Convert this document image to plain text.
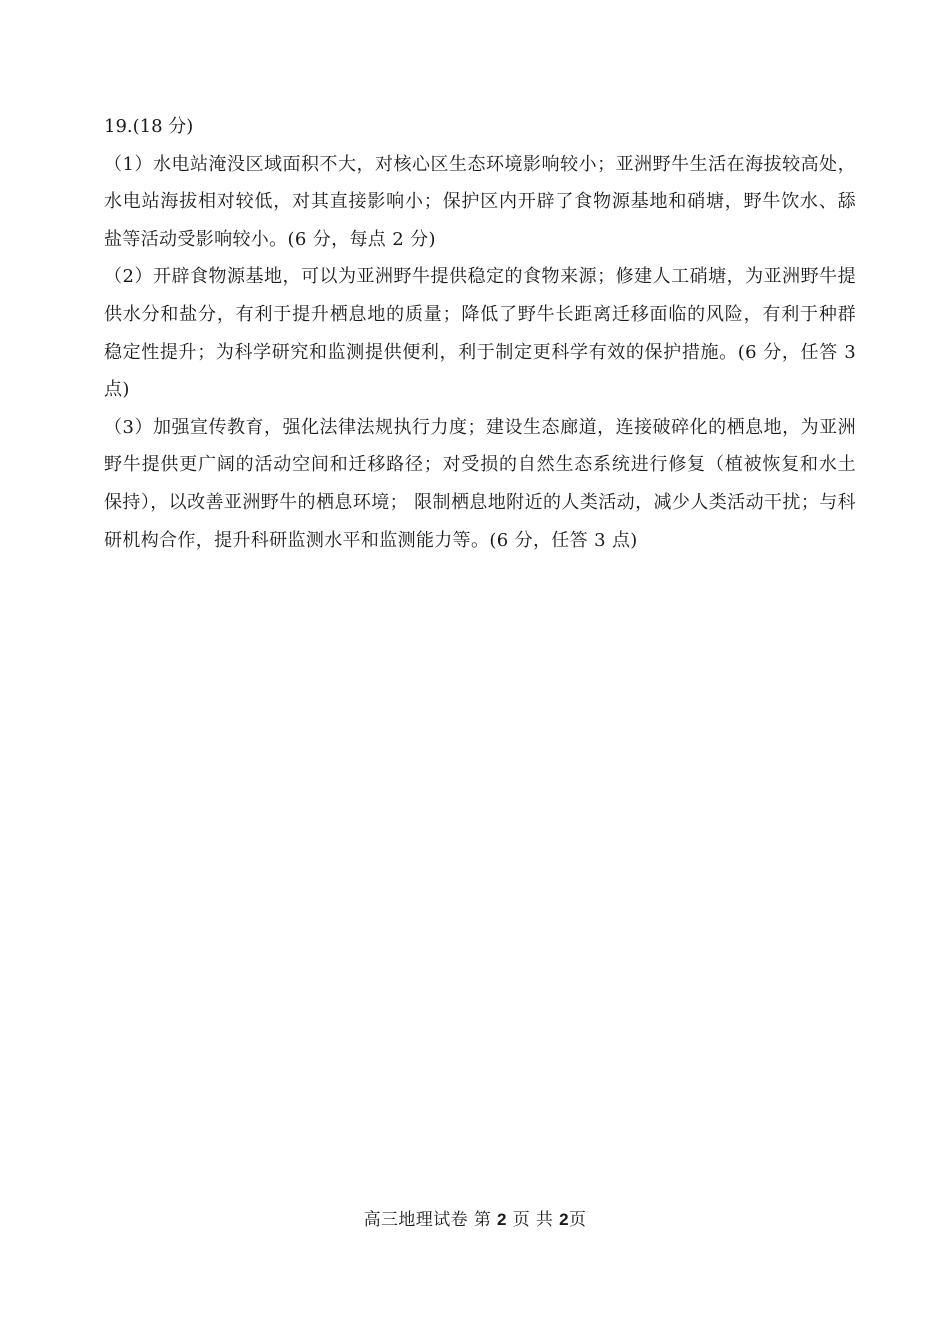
19.(18 分)

（1）水电站淹没区域面积不大，对核心区生态环境影响较小；亚洲野牛生活在海拔较高处，水电站海拔相对较低，对其直接影响小；保护区内开辟了食物源基地和硝塘，野牛饮水、舔盐等活动受影响较小。(6 分，每点 2 分)

（2）开辟食物源基地，可以为亚洲野牛提供稳定的食物来源；修建人工硝塘，为亚洲野牛提供水分和盐分，有利于提升栖息地的质量；降低了野牛长距离迁移面临的风险，有利于种群稳定性提升；为科学研究和监测提供便利，利于制定更科学有效的保护措施。(6 分，任答 3 点)

（3）加强宣传教育，强化法律法规执行力度；建设生态廊道，连接破碎化的栖息地，为亚洲野牛提供更广阔的活动空间和迁移路径；对受损的自然生态系统进行修复（植被恢复和水土保持），以改善亚洲野牛的栖息环境； 限制栖息地附近的人类活动，减少人类活动干扰；与科研机构合作，提升科研监测水平和监测能力等。(6 分，任答 3 点)

高三地理试卷 第 2 页 共 2页
